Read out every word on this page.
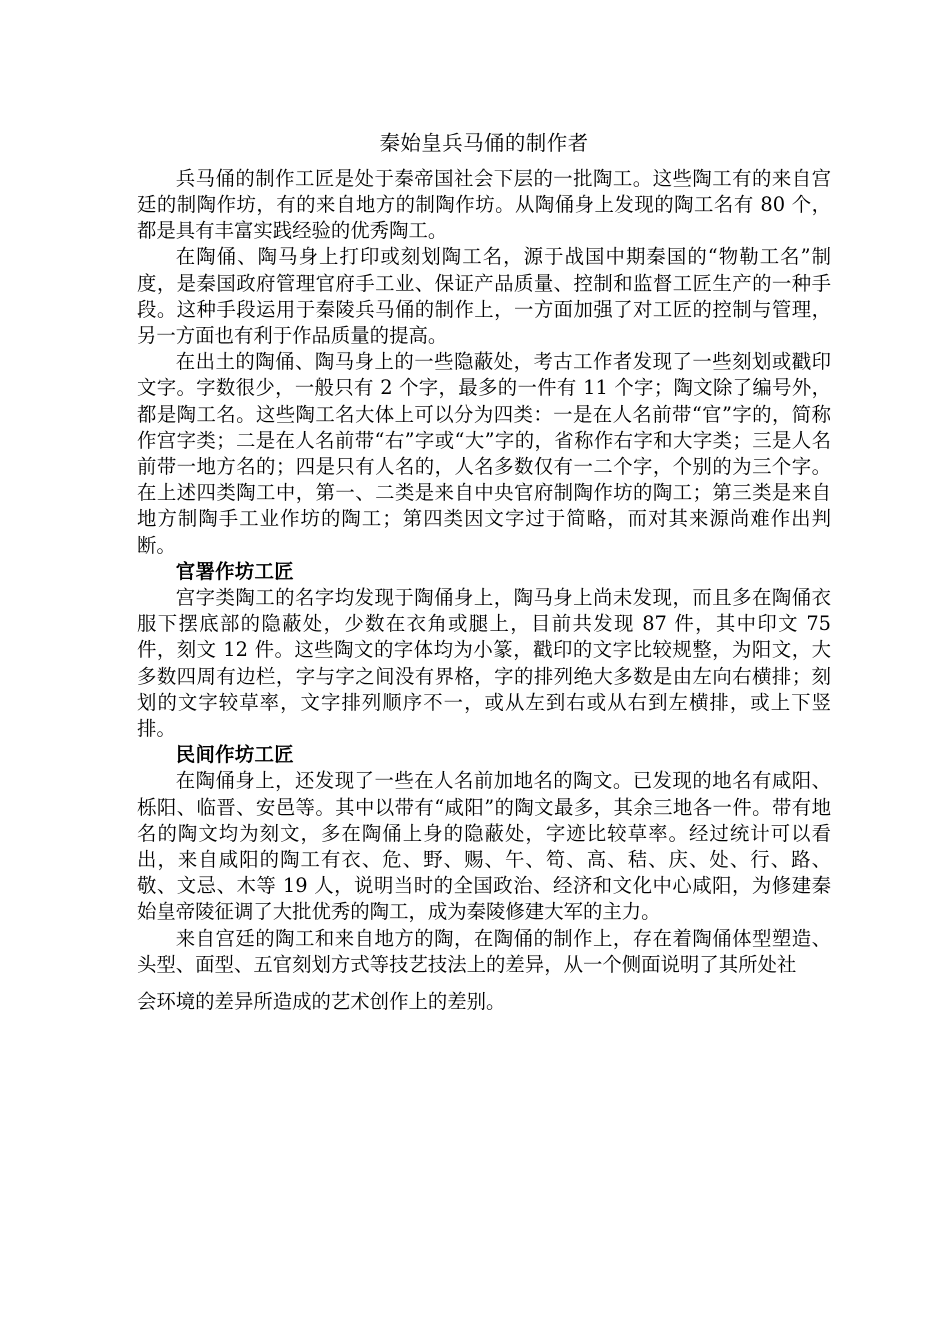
秦始皇兵马俑的制作者

兵马俑的制作工匠是处于秦帝国社会下层的一批陶工。这些陶工有的来自宫廷的制陶作坊，有的来自地方的制陶作坊。从陶俑身上发现的陶工名有 80 个，都是具有丰富实践经验的优秀陶工。

在陶俑、陶马身上打印或刻划陶工名，源于战国中期秦国的“物勒工名”制度，是秦国政府管理官府手工业、保证产品质量、控制和监督工匠生产的一种手段。这种手段运用于秦陵兵马俑的制作上，一方面加强了对工匠的控制与管理，另一方面也有利于作品质量的提高。

在出土的陶俑、陶马身上的一些隐蔽处，考古工作者发现了一些刻划或戳印文字。字数很少，一般只有 2 个字，最多的一件有 11 个字；陶文除了编号外，都是陶工名。这些陶工名大体上可以分为四类：一是在人名前带“官”字的，简称作宫字类；二是在人名前带“右”字或“大”字的，省称作右字和大字类；三是人名前带一地方名的；四是只有人名的，人名多数仅有一二个字，个别的为三个字。在上述四类陶工中，第一、二类是来自中央官府制陶作坊的陶工；第三类是来自地方制陶手工业作坊的陶工；第四类因文字过于简略，而对其来源尚难作出判断。

官署作坊工匠

宫字类陶工的名字均发现于陶俑身上，陶马身上尚未发现，而且多在陶俑衣服下摆底部的隐蔽处，少数在衣角或腿上，目前共发现 87 件，其中印文 75 件，刻文 12 件。这些陶文的字体均为小篆，戳印的文字比较规整，为阳文，大多数四周有边栏，字与字之间没有界格，字的排列绝大多数是由左向右横排；刻划的文字较草率，文字排列顺序不一，或从左到右或从右到左横排，或上下竖排。

民间作坊工匠

在陶俑身上，还发现了一些在人名前加地名的陶文。已发现的地名有咸阳、栎阳、临晋、安邑等。其中以带有“咸阳”的陶文最多，其余三地各一件。带有地名的陶文均为刻文，多在陶俑上身的隐蔽处，字迹比较草率。经过统计可以看出，来自咸阳的陶工有衣、危、野、赐、午、笱、高、秸、庆、处、行、路、敬、文忌、木等 19 人，说明当时的全国政治、经济和文化中心咸阳，为修建秦始皇帝陵征调了大批优秀的陶工，成为秦陵修建大军的主力。

来自宫廷的陶工和来自地方的陶，在陶俑的制作上，存在着陶俑体型塑造、头型、面型、五官刻划方式等技艺技法上的差异，从一个侧面说明了其所处社

会环境的差异所造成的艺术创作上的差别。
